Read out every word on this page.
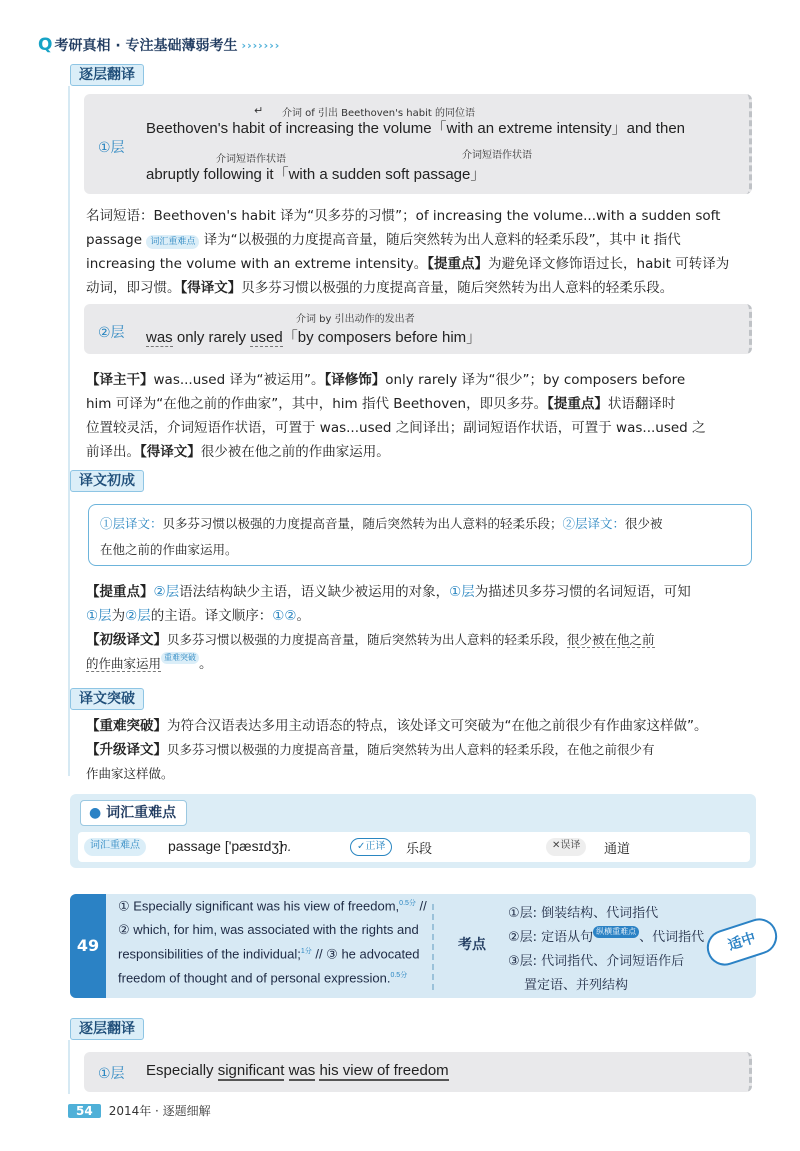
Q 考研真相 · 专注基础薄弱考生 ›››››››
逐层翻译
①层
介词 of 引出 Beethoven's habit 的同位语
↵
Beethoven's habit of increasing the volume「with an extreme intensity」and then
介词短语作状语	介词短语作状语
abruptly following it「with a sudden soft passage」
名词短语：Beethoven's habit 译为“贝多芬的习惯”；of increasing the volume...with a sudden soft
passage 词汇重难点 译为“以极强的力度提高音量，随后突然转为出人意料的轻柔乐段”，其中 it 指代
increasing the volume with an extreme intensity。【提重点】为避免译文修饰语过长，habit 可转译为
动词，即习惯。【得译文】贝多芬习惯以极强的力度提高音量，随后突然转为出人意料的轻柔乐段。
②层
介词 by 引出动作的发出者
was only rarely used「by composers before him」
【译主干】was...used 译为“被运用”。【译修饰】only rarely 译为“很少”；by composers before
him 可译为“在他之前的作曲家”，其中，him 指代 Beethoven，即贝多芬。【提重点】状语翻译时
位置较灵活，介词短语作状语，可置于 was...used 之间译出；副词短语作状语，可置于 was...used 之
前译出。【得译文】很少被在他之前的作曲家运用。
译文初成
①层译文：贝多芬习惯以极强的力度提高音量，随后突然转为出人意料的轻柔乐段；②层译文：很少被
在他之前的作曲家运用。
【提重点】②层语法结构缺少主语，语义缺少被运用的对象，①层为描述贝多芬习惯的名词短语，可知
①层为②层的主语。译文顺序：①②。
【初级译文】贝多芬习惯以极强的力度提高音量，随后突然转为出人意料的轻柔乐段，很少被在他之前
的作曲家运用 重难突破 。
译文突破
【重难突破】为符合汉语表达多用主动语态的特点，该处译文可突破为“在他之前很少有作曲家这样做”。
【升级译文】贝多芬习惯以极强的力度提高音量，随后突然转为出人意料的轻柔乐段，在他之前很少有
作曲家这样做。
● 词汇重难点
词汇重难点	passage ['pæsɪdʒ]
n.	✓正译	乐段	✕误译	通道
49
① Especially significant was his view of freedom,$^{0.5分}$ //
② which, for him, was associated with the rights and
responsibilities of the individual;$^{1分}$ // ③ he advocated
freedom of thought and of personal expression.$^{0.5分}$
考点
①层: 倒装结构、代词指代
②层: 定语从句 纵横重难点 、代词指代
③层: 代词指代、介词短语作后
置定语、并列结构
适中
逐层翻译
①层 Especially significant was his view of freedom
54	2014年 · 逐题细解
